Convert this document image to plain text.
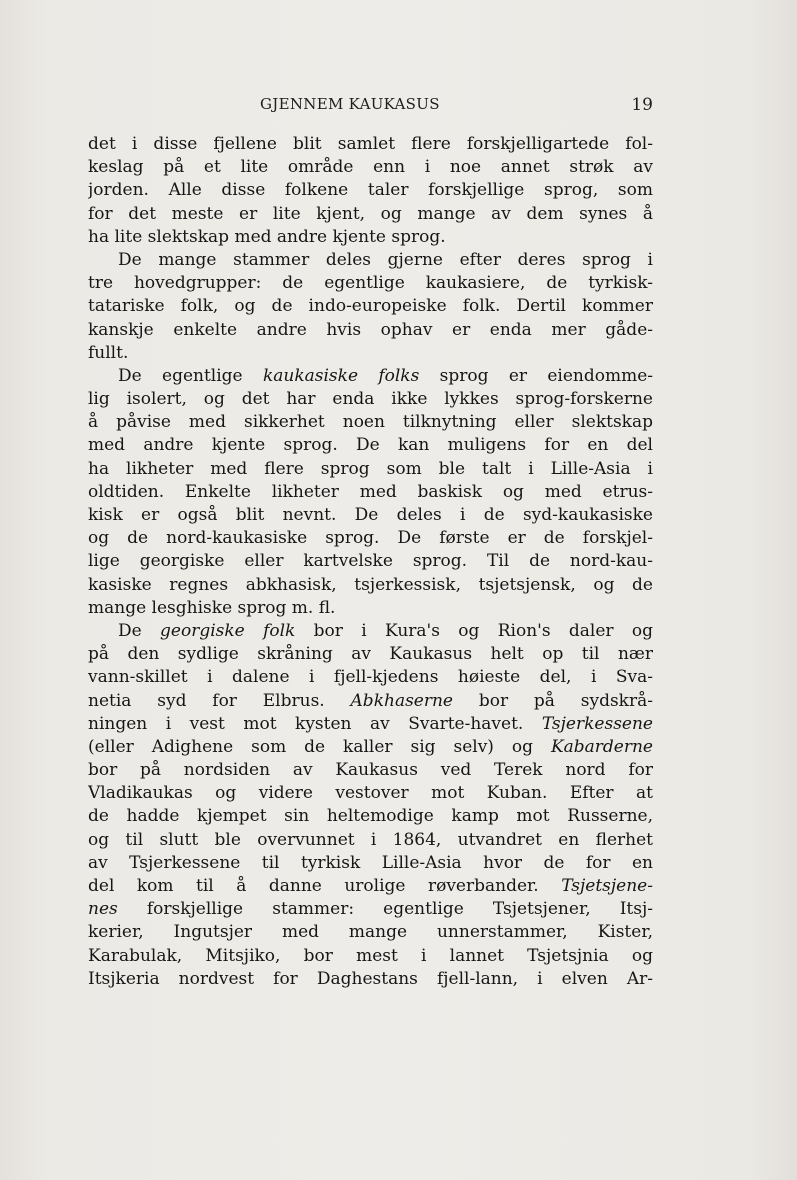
GJENNEM KAUKASUS	19
det i disse fjellene blit samlet flere forskjelligartede fol-
keslag på et lite område enn i noe annet strøk av
jorden. Alle disse folkene taler forskjellige sprog, som
for det meste er lite kjent, og mange av dem synes å
ha lite slektskap med andre kjente sprog.
De mange stammer deles gjerne efter deres sprog i
tre hovedgrupper: de egentlige kaukasiere, de tyrkisk-
tatariske folk, og de indo-europeiske folk. Dertil kommer
kanskje enkelte andre hvis ophav er enda mer gåde-
fullt.
De egentlige kaukasiske folks sprog er eiendomme-
lig isolert, og det har enda ikke lykkes sprog-forskerne
å påvise med sikkerhet noen tilknytning eller slektskap
med andre kjente sprog. De kan muligens for en del
ha likheter med flere sprog som ble talt i Lille-Asia i
oldtiden. Enkelte likheter med baskisk og med etrus-
kisk er også blit nevnt. De deles i de syd-kaukasiske
og de nord-kaukasiske sprog. De første er de forskjel-
lige georgiske eller kartvelske sprog. Til de nord-kau-
kasiske regnes abkhasisk, tsjerkessisk, tsjetsjensk, og de
mange lesghiske sprog m. fl.
De georgiske folk bor i Kura's og Rion's daler og
på den sydlige skråning av Kaukasus helt op til nær
vann-skillet i dalene i fjell-kjedens høieste del, i Sva-
netia syd for Elbrus. Abkhaserne bor på sydskrå-
ningen i vest mot kysten av Svarte-havet. Tsjerkessene
(eller Adighene som de kaller sig selv) og Kabarderne
bor på nordsiden av Kaukasus ved Terek nord for
Vladikaukas og videre vestover mot Kuban. Efter at
de hadde kjempet sin heltemodige kamp mot Russerne,
og til slutt ble overvunnet i 1864, utvandret en flerhet
av Tsjerkessene til tyrkisk Lille-Asia hvor de for en
del kom til å danne urolige røverbander. Tsjetsjene-
nes forskjellige stammer: egentlige Tsjetsjener, Itsj-
kerier, Ingutsjer med mange unnerstammer, Kister,
Karabulak, Mitsjiko, bor mest i lannet Tsjetsjnia og
Itsjkeria nordvest for Daghestans fjell-lann, i elven Ar-
